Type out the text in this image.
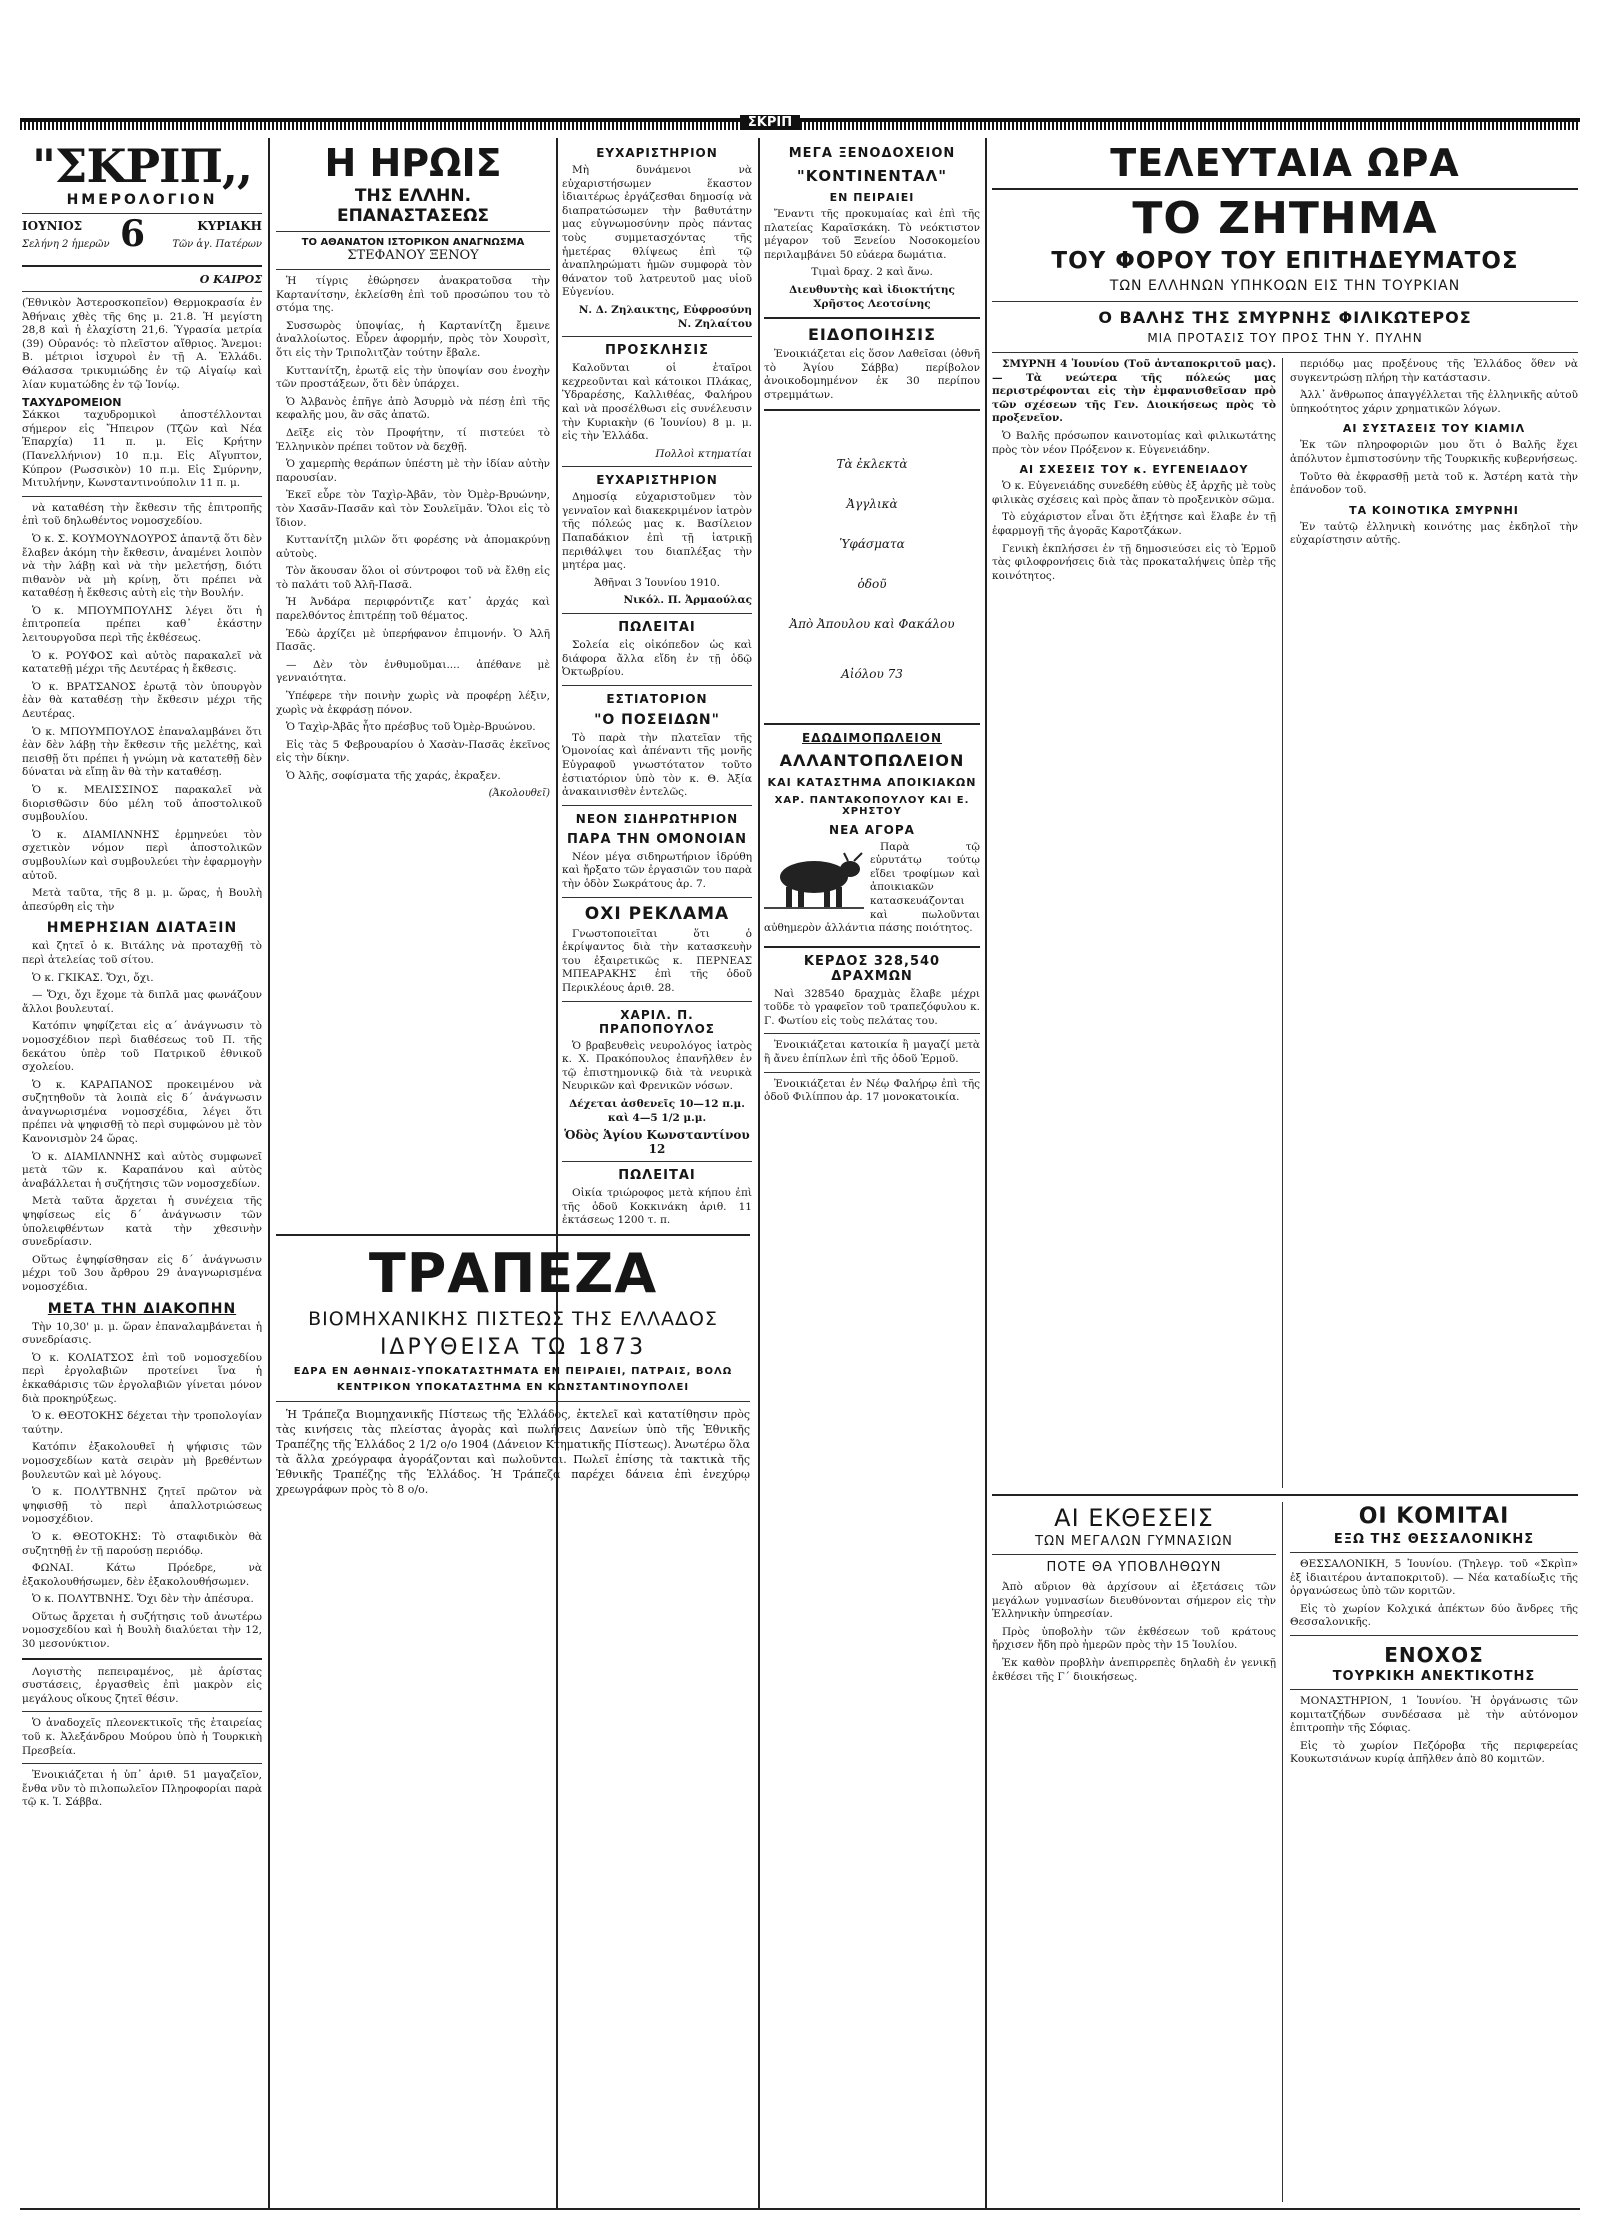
ΣΚΡΙΠ
"ΣΚΡΙΠ,,
ΗΜΕΡΟΛΟΓΙΟΝ
ΙΟΥΝΙΟΣ 6	ΚΥΡΙΑΚΗ
Σελήνη 2 ἡμερῶν	Τῶν ἁγ. Πατέρων
Ο ΚΑΙΡΟΣ

(Ἐθνικὸν Ἀστεροσκοπεῖον) Θερμοκρασία ἐν Ἀθήναις χθὲς τῆς 6ης μ. 21.8. Ἡ μεγίστη 28,8 καὶ ἡ ἐλαχίστη 21,6. Ὑγρασία μετρία (39) Οὐρανός: τὸ πλεῖστον αἴθριος. Ἄνεμοι: Β. μέτριοι ἰσχυροὶ ἐν τῇ Α. Ἑλλάδι. Θάλασσα τρικυμιώδης ἐν τῷ Αἰγαίῳ καὶ λίαν κυματώδης ἐν τῷ Ἰονίῳ.

ΤΑΧΥΔΡΟΜΕΙΟΝ

Σάκκοι ταχυδρομικοὶ ἀποστέλλονται σήμερον εἰς Ἤπειρον (Τζῶν καὶ Νέα Ἐπαρχία) 11 π. μ. Εἰς Κρήτην (Πανελλήνιον) 10 π.μ. Εἰς Αἴγυπτον, Κύπρον (Ρωσσικὸν) 10 π.μ. Εἰς Σμύρνην, Μιτυλήνην, Κωνσταντινούπολιν 11 π. μ.

νὰ καταθέση τὴν ἔκθεσιν τῆς ἐπιτροπῆς ἐπὶ τοῦ δηλωθέντος νομοσχεδίου.

Ὁ κ. Σ. ΚΟΥΜΟΥΝΔΟΥΡΟΣ ἀπαντᾷ ὅτι δὲν ἔλαβεν ἀκόμη τὴν ἔκθεσιν, ἀναμένει λοιπὸν νὰ τὴν λάβῃ καὶ νὰ τὴν μελετήσῃ, διότι πιθανὸν νὰ μὴ κρίνῃ, ὅτι πρέπει νὰ καταθέσῃ ἡ ἔκθεσις αὐτὴ εἰς τὴν Βουλήν.

Ὁ κ. ΜΠΟΥΜΠΟΥΛΗΣ λέγει ὅτι ἡ ἐπιτροπεία πρέπει καθ᾽ ἑκάστην λειτουργοῦσα περὶ τῆς ἐκθέσεως.

Ὁ κ. ΡΟΥΦΟΣ καὶ αὐτὸς παρακαλεῖ νὰ κατατεθῇ μέχρι τῆς Δευτέρας ἡ ἔκθεσις.

Ὁ κ. ΒΡΑΤΣΑΝΟΣ ἐρωτᾷ τὸν ὑπουργὸν ἐὰν θὰ καταθέσῃ τὴν ἔκθεσιν μέχρι τῆς Δευτέρας.

Ὁ κ. ΜΠΟΥΜΠΟΥΛΟΣ ἐπαναλαμβάνει ὅτι ἐὰν δὲν λάβῃ τὴν ἔκθεσιν τῆς μελέτης, καὶ πεισθῇ ὅτι πρέπει ἡ γνώμη νὰ κατατεθῇ δὲν δύναται νὰ εἴπῃ ἂν θὰ τὴν καταθέσῃ.

Ὁ κ. ΜΕΛΙΣΣΙΝΟΣ παρακαλεῖ νὰ διορισθῶσιν δύο μέλη τοῦ ἀποστολικοῦ συμβουλίου.

Ὁ κ. ΔΙΑΜΙΛΝΝΗΣ ἐρμηνεύει τὸν σχετικὸν νόμον περὶ ἀποστολικῶν συμβουλίων καὶ συμβουλεύει τὴν ἐφαρμογὴν αὐτοῦ.

Μετὰ ταῦτα, τῆς 8 μ. μ. ὥρας, ἡ Βουλὴ ἀπεσύρθη εἰς τὴν

ΗΜΕΡΗΣΙΑΝ ΔΙΑΤΑΞΙΝ

καὶ ζητεῖ ὁ κ. Βιτάλης νὰ προταχθῇ τὸ περὶ ἀτελείας τοῦ σίτου.

Ὁ κ. ΓΚΙΚΑΣ. Ὄχι, ὄχι.

— Ὄχι, ὄχι ἔχομε τὰ διπλᾶ μας φωνάζουν ἄλλοι βουλευταί.

Κατόπιν ψηφίζεται εἰς α΄ ἀνάγνωσιν τὸ νομοσχέδιον περὶ διαθέσεως τοῦ Π. τῆς δεκάτου ὑπὲρ τοῦ Πατρικοῦ ἐθνικοῦ σχολείου.

Ὁ κ. ΚΑΡΑΠΑΝΟΣ προκειμένου νὰ συζητηθοῦν τὰ λοιπὰ εἰς δ΄ ἀνάγνωσιν ἀναγνωρισμένα νομοσχέδια, λέγει ὅτι πρέπει νὰ ψηφισθῇ τὸ περὶ συμφώνου μὲ τὸν Κανονισμὸν 24 ὥρας.

Ὁ κ. ΔΙΑΜΙΛΝΝΗΣ καὶ αὐτὸς συμφωνεῖ μετὰ τῶν κ. Καραπάνου καὶ αὐτὸς ἀναβάλλεται ἡ συζήτησις τῶν νομοσχεδίων.

Μετὰ ταῦτα ἄρχεται ἡ συνέχεια τῆς ψηφίσεως εἰς δ΄ ἀνάγνωσιν τῶν ὑπολειφθέντων κατὰ τὴν χθεσινὴν συνεδρίασιν.

Οὕτως ἐψηφίσθησαν εἰς δ΄ ἀνάγνωσιν μέχρι τοῦ 3ου ἄρθρου 29 ἀναγνωρισμένα νομοσχέδια.

ΜΕΤΑ ΤΗΝ ΔΙΑΚΟΠΗΝ

Τὴν 10,30' μ. μ. ὥραν ἐπαναλαμβάνεται ἡ συνεδρίασις.

Ὁ κ. ΚΟΛΙΑΤΣΟΣ ἐπὶ τοῦ νομοσχεδίου περὶ ἐργολαβιῶν προτείνει ἵνα ἡ ἐκκαθάρισις τῶν ἐργολαβιῶν γίνεται μόνον διὰ προκηρύξεως.

Ὁ κ. ΘΕΟΤΟΚΗΣ δέχεται τὴν τροπολογίαν ταύτην.

Κατόπιν ἐξακολουθεῖ ἡ ψήφισις τῶν νομοσχεδίων κατὰ σειρὰν μὴ βρεθέντων βουλευτῶν καὶ μὲ λόγους.

Ὁ κ. ΠΟΛΥΤΒΝΗΣ ζητεῖ πρῶτον νὰ ψηφισθῇ τὸ περὶ ἀπαλλοτριώσεως νομοσχέδιον.

Ὁ κ. ΘΕΟΤΟΚΗΣ: Τὸ σταφιδικὸν θὰ συζητηθῇ ἐν τῇ παρούσῃ περιόδῳ.

ΦΩΝΑΙ. Κάτω Πρόεδρε, νὰ ἐξακολουθήσωμεν, δὲν ἐξακολουθήσωμεν.

Ὁ κ. ΠΟΛΥΤΒΝΗΣ. Ὄχι δὲν τὴν ἀπέσυρα.

Οὕτως ἄρχεται ἡ συζήτησις τοῦ ἀνωτέρω νομοσχεδίου καὶ ἡ Βουλὴ διαλύεται τὴν 12, 30 μεσονύκτιον.

Λογιστὴς πεπειραμένος, μὲ ἀρίστας συστάσεις, ἐργασθεὶς ἐπὶ μακρὸν εἰς μεγάλους οἴκους ζητεῖ θέσιν.

Ὁ ἀναδοχεῖς πλεονεκτικοῖς τῆς ἑταιρείας τοῦ κ. Ἀλεξάνδρου Μούρου ὑπὸ ἡ Τουρκικὴ Πρεσβεία.

Ἐνοικιάζεται ἡ ὑπ᾽ ἀριθ. 51 μαγαζεῖον, ἔνθα νῦν τὸ πιλοπωλεῖον Πληροφορίαι παρὰ τῷ κ. Ἰ. Σάββα.

Η ΗΡΩΙΣ
ΤΗΣ ΕΛΛΗΝ. ΕΠΑΝΑΣΤΑΣΕΩΣ
ΤΟ ΑΘΑΝΑΤΟΝ ΙΣΤΟΡΙΚΟΝ ΑΝΑΓΝΩΣΜΑ
ΣΤΕΦΑΝΟΥ ΞΕΝΟΥ

Ἡ τίγρις ἐθώρησεν ἀνακρατοῦσα τὴν Καρτανίτσην, ἐκλείσθη ἐπὶ τοῦ προσώπου του τὸ στόμα της.

Συσσωρὸς ὑποψίας, ἡ Καρτανίτζη ἔμεινε ἀναλλοίωτος. Εὗρεν ἀφορμήν, πρὸς τὸν Χουρσὶτ, ὅτι εἰς τὴν Τριπολιτζὰν τούτην ἔβαλε.

Κυττανίτζη, ἐρωτᾷ εἰς τὴν ὑποψίαν σου ἐνοχὴν τῶν προστάξεων, ὅτι δὲν ὑπάρχει.

Ὁ Ἀλβανὸς ἐπῆγε ἀπὸ Ἀσυρμὸ νὰ πέσῃ ἐπὶ τῆς κεφαλῆς μου, ἂν σᾶς ἀπατῶ.

Δεῖξε εἰς τὸν Προφήτην, τί πιστεύει τὸ Ἐλληνικὸν πρέπει τοῦτον νὰ δεχθῇ.

Ὁ χαμερπὴς θεράπων ὑπέστη μὲ τὴν ἰδίαν αὐτὴν παρουσίαν.

Ἐκεῖ εὗρε τὸν Ταχὶρ-Ἀβᾶν, τὸν Ὀμὲρ-Βρυώνην, τὸν Χασᾶν-Πασᾶν καὶ τὸν Σουλεϊμᾶν. Ὅλοι εἰς τὸ ἴδιον.

Κυττανίτζη μιλῶν ὅτι φορέσης νὰ ἀπομακρύνῃ αὐτοὺς.

Τὸν ἄκουσαν ὅλοι οἱ σύντροφοι τοῦ νὰ ἔλθῃ εἰς τὸ παλάτι τοῦ Ἀλῆ-Πασᾶ.

Ἡ Ἀνδάρα περιφρόντιζε κατ᾽ ἀρχάς καὶ παρελθόντος ἐπιτρέπῃ τοῦ θέματος.

Ἐδὼ ἀρχίζει μὲ ὑπερήφανον ἐπιμονήν. Ὁ Ἀλῆ Πασᾶς.

— Δὲν τὸν ἐνθυμοῦμαι.... ἀπέθανε μὲ γενναιότητα.

Ὑπέφερε τὴν ποινὴν χωρὶς νὰ προφέρῃ λέξιν, χωρὶς νὰ ἐκφράσῃ πόνον.

Ὁ Ταχὶρ-Ἀβᾶς ἦτο πρέσβυς τοῦ Ὀμὲρ-Βρυώνου.

Εἰς τὰς 5 Φεβρουαρίου ὁ Χασὰν-Πασᾶς ἐκεῖνος εἰς τὴν δίκην.

Ὁ Ἀλῆς, σοφίσματα τῆς χαράς, ἐκραξεν.

(Ἀκολουθεῖ)
ΕΥΧΑΡΙΣΤΗΡΙΟΝ

Μὴ δυνάμενοι νὰ εὐχαριστήσωμεν ἕκαστον ἰδιαιτέρως ἐργάζεσθαι δημοσίᾳ νὰ διαπρατώσωμεν τὴν βαθυτάτην μας εὐγνωμοσύνην πρὸς πάντας τοὺς συμμετασχόντας τῆς ἡμετέρας θλίψεως ἐπὶ τῷ ἀναπληρώματι ἡμῶν συμφορὰ τὸν θάνατον τοῦ λατρευτοῦ μας υἱοῦ Εὐγενίου.

Ν. Δ. Ζηλαικτης, Εὐφροσύνη Ν. Ζηλαίτου

ΠΡΟΣΚΛΗΣΙΣ

Καλοῦνται οἱ ἑταῖροι κεχρεοῦνται καὶ κάτοικοι Πλάκας, Ὑδραρέσης, Καλλιθέας, Φαλήρου καὶ νὰ προσέλθωσι εἰς συνέλευσιν τὴν Κυριακὴν (6 Ἰουνίου) 8 μ. μ. εἰς τὴν Ἑλλάδα.

Πολλοὶ κτηματίαι

ΕΥΧΑΡΙΣΤΗΡΙΟΝ

Δημοσίᾳ εὐχαριστοῦμεν τὸν γενναῖον καὶ διακεκριμένον ἰατρὸν τῆς πόλεώς μας κ. Βασίλειον Παπαδάκιον ἐπὶ τῇ ἰατρικῇ περιθάλψει του διαπλέξας τὴν μητέρα μας.

Ἀθῆναι 3 Ἰουνίου 1910.

Νικόλ. Π. Ἀρμαούλας

ΠΩΛΕΙΤΑΙ

Σολεία εἰς οἰκόπεδον ὡς καὶ διάφορα ἄλλα εἴδη ἐν τῇ ὁδῷ Ὀκτωβρίου.

ΕΣΤΙΑΤΟΡΙΟΝ
"Ο ΠΟΣΕΙΔΩΝ"

Τὸ παρὰ τὴν πλατεῖαν τῆς Ὁμονοίας καὶ ἀπέναντι τῆς μονῆς Εὐγραφοῦ γνωστότατον τοῦτο ἑστιατόριον ὑπὸ τὸν κ. Θ. Ἀξία ἀνακαινισθὲν ἐντελῶς.

ΝΕΟΝ ΣΙΔΗΡΩΤΗΡΙΟΝ
ΠΑΡΑ ΤΗΝ ΟΜΟΝΟΙΑΝ

Νέον μέγα σιδηρωτήριον ἱδρύθη καὶ ἤρξατο τῶν ἐργασιῶν του παρὰ τὴν ὁδὸν Σωκράτους ἀρ. 7.

ΟΧΙ ΡΕΚΛΑΜΑ

Γνωστοποιεῖται ὅτι ὁ ἐκρίψαντος διὰ τὴν κατασκευὴν του ἐξαιρετικῶς κ. ΠΕΡΝΕΑΣ ΜΠΕΑΡΑΚΗΣ ἐπὶ τῆς ὁδοῦ Περικλέους ἀριθ. 28.

ΧΑΡΙΛ. Π. ΠΡΑΠΟΠΟΥΛΟΣ

Ὁ βραβευθεὶς νευρολόγος ἰατρὸς κ. Χ. Πρακόπουλος ἐπανῆλθεν ἐν τῷ ἐπιστημονικῷ διὰ τὰ νευρικὰ Νευρικῶν καὶ Φρενικῶν νόσων.

Δέχεται ἀσθενεῖς 10—12 π.μ. καὶ 4—5 1/2 μ.μ.

Ὁδὸς Ἁγίου Κωνσταντίνου 12

ΠΩΛΕΙΤΑΙ

Οἰκία τριώροφος μετὰ κήπου ἐπὶ τῆς ὁδοῦ Κοκκινάκη ἀριθ. 11 ἐκτάσεως 1200 τ. π.

ΜΕΓΑ ΞΕΝΟΔΟΧΕΙΟΝ
"ΚΟΝΤΙΝΕΝΤΑΛ"
ΕΝ ΠΕΙΡΑΙΕΙ

Ἔναντι τῆς προκυμαίας καὶ ἐπὶ τῆς πλατείας Καραϊσκάκη. Τὸ νεόκτιστον μέγαρον τοῦ Ξενείου Νοσοκομείου περιλαμβάνει 50 εὐάερα δωμάτια.

Τιμαὶ δραχ. 2 καὶ ἄνω.

Διευθυντὴς καὶ ἰδιοκτήτης Χρῆστος Λεοτσίνης

ΕΙΔΟΠΟΙΗΣΙΣ

Ἐνοικιάζεται εἰς ὅσον Λαθεῖσαι (ὀθνῆ τὸ Ἁγίου Σάββα) περίβολον ἀνοικοδομημένον ἐκ 30 περίπου στρεμμάτων.

Τὰ ἐκλεκτὰ
Ἀγγλικὰ
Ὑφάσματα
ὁδοῦ
Ἀπὸ Ἀπουλου καὶ Φακάλου
Αἰόλου 73
ΕΔΩΔΙΜΟΠΩΛΕΙΟΝ
ΑΛΛΑΝΤΟΠΩΛΕΙΟΝ
ΚΑΙ ΚΑΤΑΣΤΗΜΑ ΑΠΟΙΚΙΑΚΩΝ
ΧΑΡ. ΠΑΝΤΑΚΟΠΟΥΛΟΥ ΚΑΙ Ε. ΧΡΗΣΤΟΥ
ΝΕΑ ΑΓΟΡΑ

Παρὰ τῷ εὐρυτάτῳ τούτῳ εἴδει τροφίμων καὶ ἀποικιακῶν κατασκευάζονται καὶ πωλοῦνται αὐθημερὸν ἀλλάντια πάσης ποιότητος.

ΚΕΡΔΟΣ 328,540 ΔΡΑΧΜΩΝ

Ναὶ 328540 δραχμὰς ἔλαβε μέχρι τοῦδε τὸ γραφεῖον τοῦ τραπεζόφυλου κ. Γ. Φωτίου εἰς τοὺς πελάτας του.

Ἐνοικιάζεται κατοικία ἢ μαγαζί μετὰ ἢ ἄνευ ἐπίπλων ἐπὶ τῆς ὁδοῦ Ἑρμοῦ.

Ἐνοικιάζεται ἐν Νέῳ Φαλήρῳ ἐπὶ τῆς ὁδοῦ Φιλίππου ἀρ. 17 μονοκατοικία.

ΤΕΛΕΥΤΑΙΑ ΩΡΑ
ΤΟ ΖΗΤΗΜΑ
ΤΟΥ ΦΟΡΟΥ ΤΟΥ ΕΠΙΤΗΔΕΥΜΑΤΟΣ
ΤΩΝ ΕΛΛΗΝΩΝ ΥΠΗΚΟΩΝ ΕΙΣ ΤΗΝ ΤΟΥΡΚΙΑΝ
Ο ΒΑΛΗΣ ΤΗΣ ΣΜΥΡΝΗΣ ΦΙΛΙΚΩΤΕΡΟΣ
ΜΙΑ ΠΡΟΤΑΣΙΣ ΤΟΥ ΠΡΟΣ ΤΗΝ Υ. ΠΥΛΗΝ

ΣΜΥΡΝΗ 4 Ἰουνίου (Τοῦ ἀνταποκριτοῦ μας).— Τὰ νεώτερα τῆς πόλεώς μας περιστρέφονται εἰς τὴν ἐμφανισθεῖσαν πρὸ τῶν σχέσεων τῆς Γεν. Διοικήσεως πρὸς τὸ προξενεῖον.

Ὁ Βαλῆς πρόσωπον καινοτομίας καὶ φιλικωτάτης πρὸς τὸν νέον Πρόξενον κ. Εὐγενειάδην.

ΑΙ ΣΧΕΣΕΙΣ ΤΟΥ κ. ΕΥΓΕΝΕΙΑΔΟΥ

Ὁ κ. Εὐγενειάδης συνεδέθη εὐθὺς ἐξ ἀρχῆς μὲ τοὺς φιλικὰς σχέσεις καὶ πρὸς ἄπαν τὸ προξενικὸν σῶμα.

Τὸ εὐχάριστον εἶναι ὅτι ἐξήτησε καὶ ἔλαβε ἐν τῇ ἐφαρμογῇ τῆς ἀγορᾶς Καροτζάκων.

Γενικὴ ἐκπλήσσει ἐν τῇ δημοσιεύσει εἰς τὸ Ἑρμοῦ τὰς φιλοφρονήσεις διὰ τὰς προκαταλήψεις ὑπὲρ τῆς κοινότητος.

περιόδῳ μας προξένους τῆς Ἑλλάδος ὅθεν νὰ συγκεντρώσῃ πλήρη τὴν κατάστασιν.

Ἀλλ᾽ ἄνθρωπος ἀπαγγέλλεται τῆς ἑλληνικῆς αὐτοῦ ὑπηκοότητος χάριν χρηματικῶν λόγων.

ΑΙ ΣΥΣΤΑΣΕΙΣ ΤΟΥ ΚΙΑΜΙΛ

Ἐκ τῶν πληροφοριῶν μου ὅτι ὁ Βαλῆς ἔχει ἀπόλυτον ἐμπιστοσύνην τῆς Τουρκικῆς κυβερνήσεως.

Τοῦτο θὰ ἐκφρασθῇ μετὰ τοῦ κ. Ἀστέρη κατὰ τὴν ἐπάνοδον τοῦ.

ΤΑ ΚΟΙΝΟΤΙΚΑ ΣΜΥΡΝΗΙ

Ἐν ταὐτῷ ἑλληνικὴ κοινότης μας ἐκδηλοῖ τὴν εὐχαρίστησιν αὐτῆς.

ΑΙ ΕΚΘΕΣΕΙΣ
ΤΩΝ ΜΕΓΑΛΩΝ ΓΥΜΝΑΣΙΩΝ
ΠΟΤΕ ΘΑ ΥΠΟΒΛΗΘΩΥΝ

Ἀπὸ αὔριον θὰ ἀρχίσουν αἱ ἐξετάσεις τῶν μεγάλων γυμνασίων διευθύνονται σήμερον εἰς τὴν Ἑλληνικὴν ὑπηρεσίαν.

Πρὸς ὑποβολὴν τῶν ἐκθέσεων τοῦ κράτους ἤρχισεν ἤδη πρὸ ἡμερῶν πρὸς τὴν 15 Ἰουλίου.

Ἐκ καθὸν προβλὴν ἀνεπιρρεπὲς δηλαδὴ ἐν γενικῇ ἐκθέσει τῆς Γ΄ διοικήσεως.

ΟΙ ΚΟΜΙΤΑΙ
ΕΞΩ ΤΗΣ ΘΕΣΣΑΛΟΝΙΚΗΣ

ΘΕΣΣΑΛΟΝΙΚΗ, 5 Ἰουνίου. (Τηλεγρ. τοῦ «Σκρὶπ» ἐξ ἰδιαιτέρου ἀνταποκριτοῦ). — Νέα καταδίωξις τῆς ὀργανώσεως ὑπὸ τῶν κοριτῶν.

Εἰς τὸ χωρίον Κολχικά ἀπέκτων δύο ἄνδρες τῆς Θεσσαλονικῆς.

ΕΝΟΧΟΣ
ΤΟΥΡΚΙΚΗ ΑΝΕΚΤΙΚΟΤΗΣ

ΜΟΝΑΣΤΗΡΙΟΝ, 1 Ἰουνίου. Ἡ ὀργάνωσις τῶν κομιτατζήδων συνδέσασα μὲ τὴν αὐτόνομον ἐπιτροπὴν τῆς Σόφιας.

Εἰς τὸ χωρίον Πεζόροβα τῆς περιφερείας Κουκωτσιάνων κυρίᾳ ἀπῆλθεν ἀπὸ 80 κομιτῶν.

ΤΡΑΠΕΖΑ
ΒΙΟΜΗΧΑΝΙΚΗΣ ΠΙΣΤΕΩΣ ΤΗΣ ΕΛΛΑΔΟΣ
ΙΔΡΥΘΕΙΣΑ ΤΩ 1873
ΕΔΡΑ ΕΝ ΑΘΗΝΑΙΣ-ΥΠΟΚΑΤΑΣΤΗΜΑΤΑ ΕΝ ΠΕΙΡΑΙΕΙ, ΠΑΤΡΑΙΣ, ΒΟΛΩ
ΚΕΝΤΡΙΚΟΝ ΥΠΟΚΑΤΑΣΤΗΜΑ ΕΝ ΚΩΝΣΤΑΝΤΙΝΟΥΠΟΛΕΙ

Ἡ Τράπεζα Βιομηχανικῆς Πίστεως τῆς Ἑλλάδος, ἐκτελεῖ καὶ κατατίθησιν πρὸς τὰς κινήσεις τὰς πλείστας ἀγορὰς καὶ πωλήσεις Δανείων ὑπὸ τῆς Ἐθνικῆς Τραπέζης τῆς Ἑλλάδος 2 1/2 ο/ο 1904 (Δάνειον Κτηματικῆς Πίστεως). Ἀνωτέρω ὅλα τὰ ἄλλα χρεόγραφα ἀγοράζονται καὶ πωλοῦνται. Πωλεῖ ἐπίσης τὰ τακτικὰ τῆς Ἐθνικῆς Τραπέζης τῆς Ἑλλάδος. Ἡ Τράπεζα παρέχει δάνεια ἐπὶ ἐνεχύρῳ χρεωγράφων πρὸς τὸ 8 ο/ο.
